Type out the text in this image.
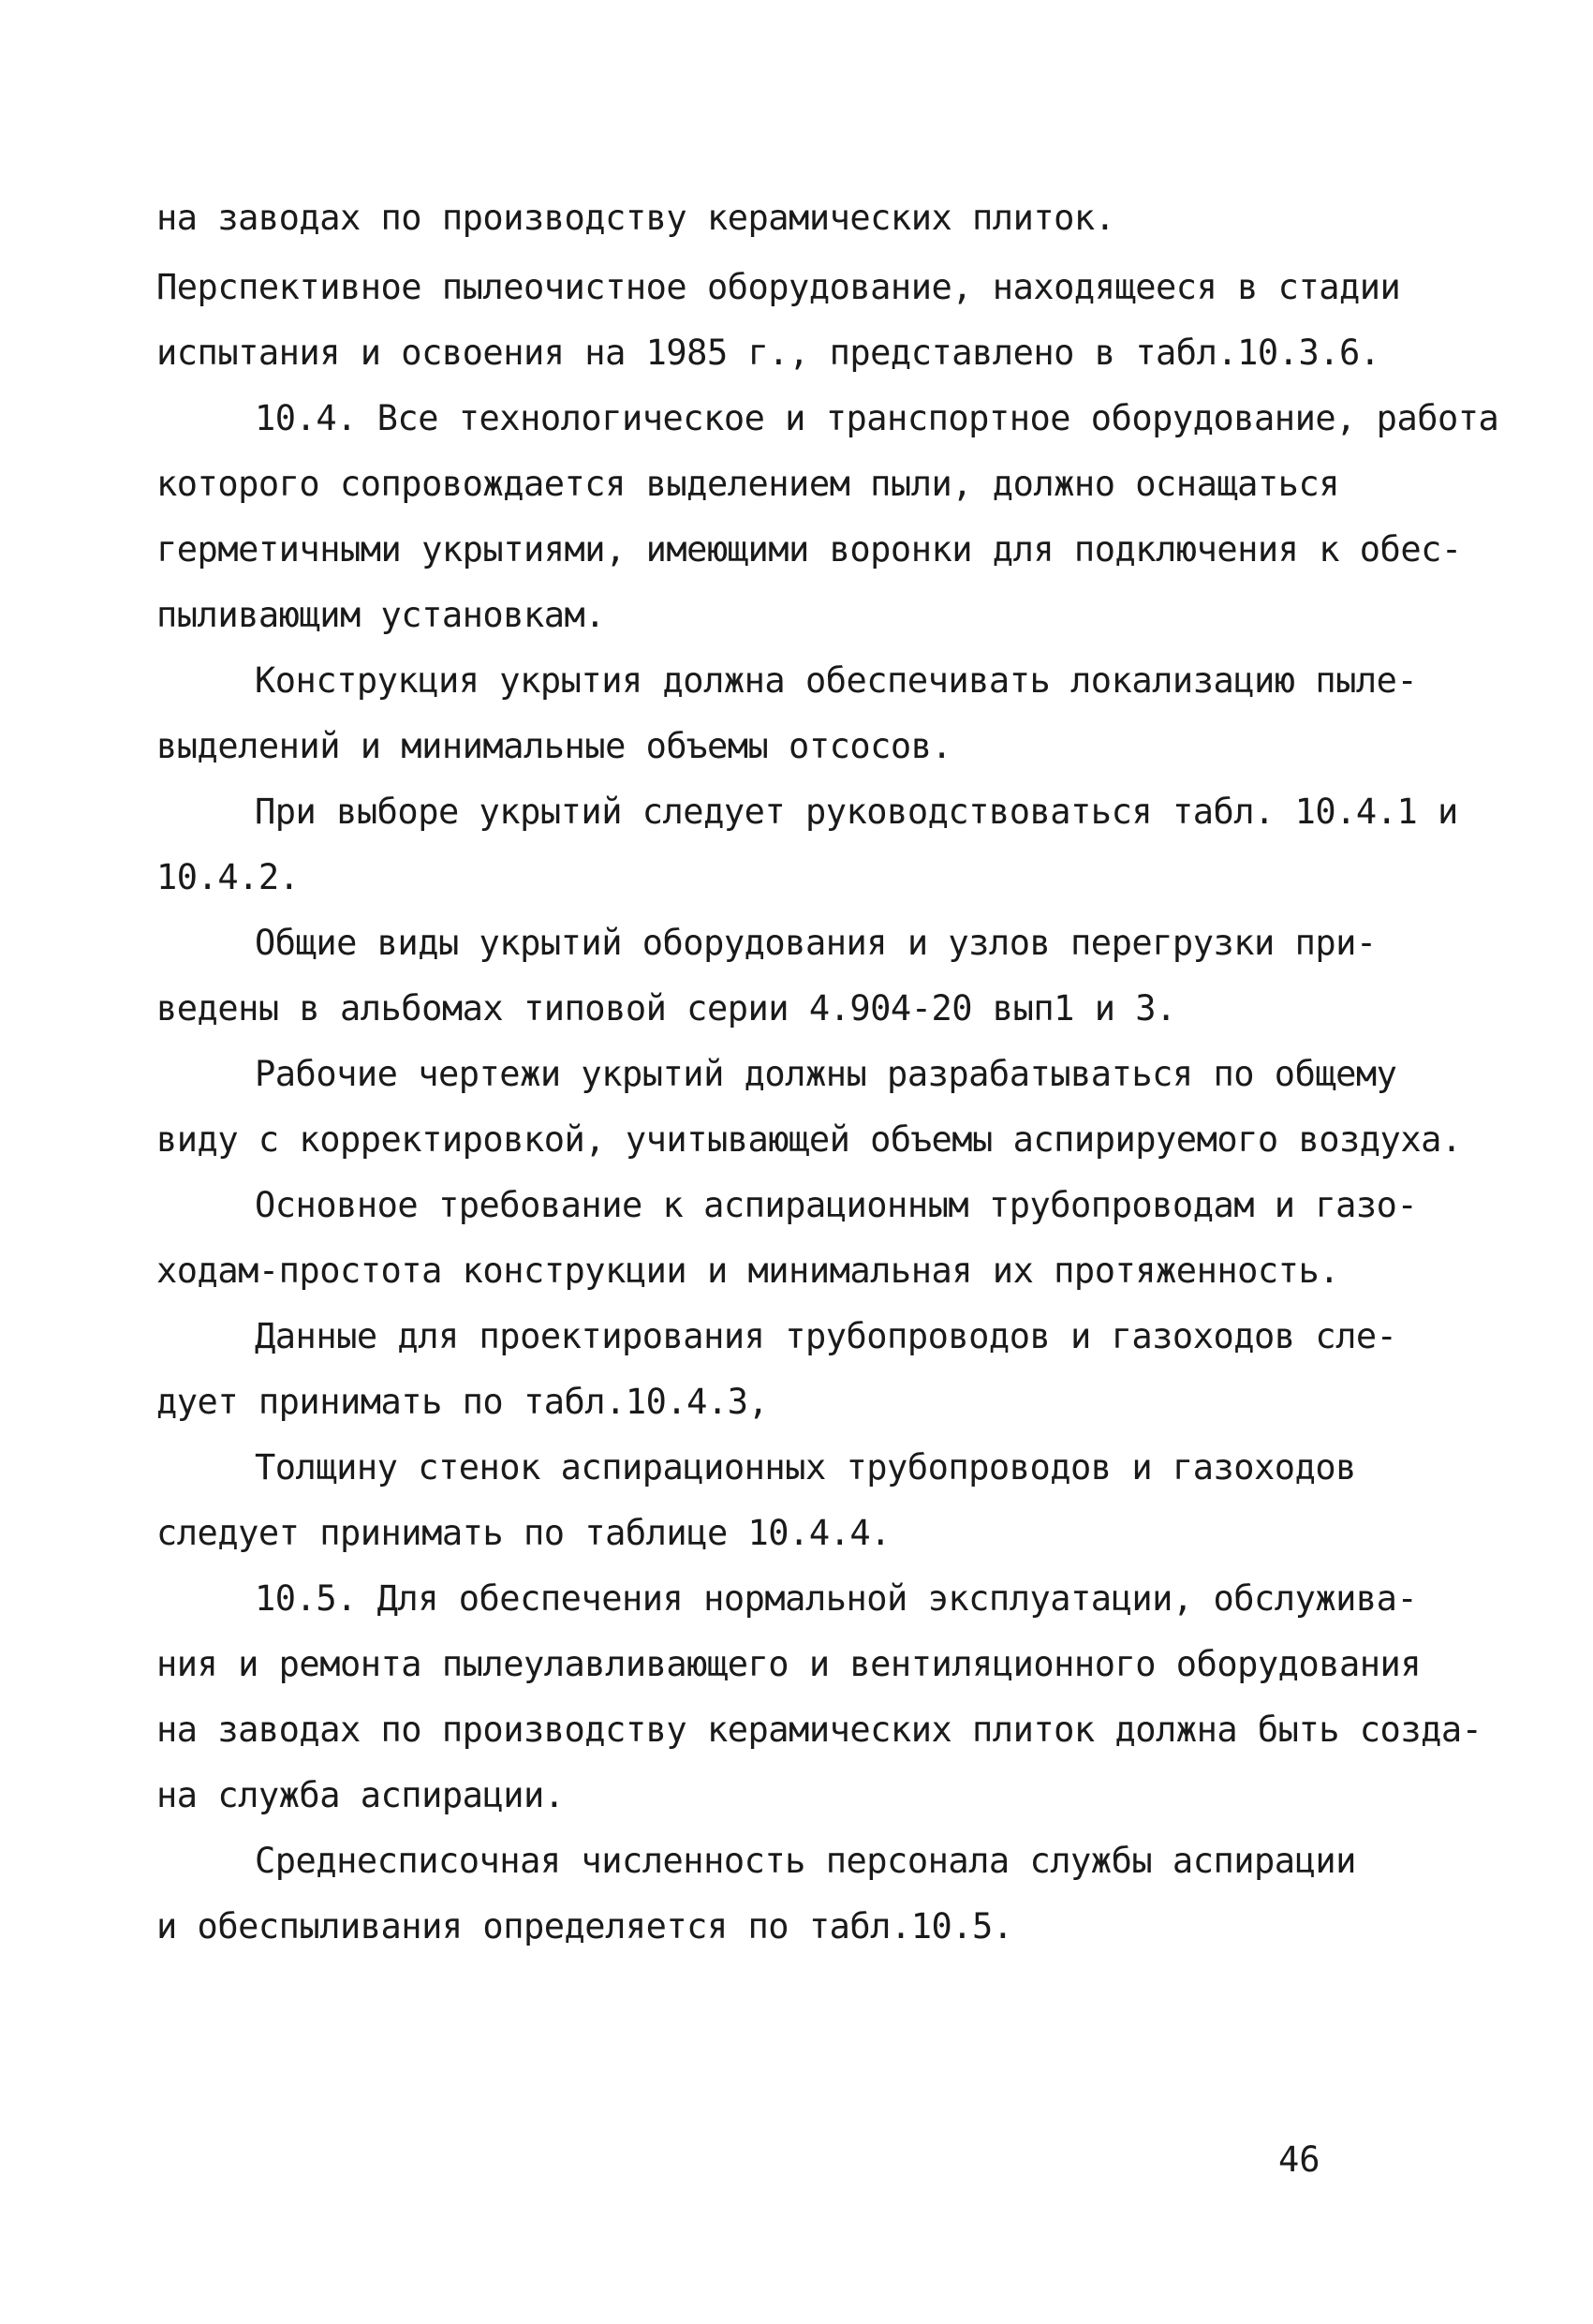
на заводах по производству керамических плиток.
Перспективное пылеочистное оборудование, находящееся в стадии
испытания и освоения на 1985 г., представлено в табл.10.3.6.
10.4. Все технологическое и транспортное оборудование, работа
которого сопровождается выделением пыли, должно оснащаться
герметичными укрытиями, имеющими воронки для подключения к обес-
пыливающим установкам.
Конструкция укрытия должна обеспечивать локализацию пыле-
выделений и минимальные объемы отсосов.
При выборе укрытий следует руководствоваться табл. 10.4.1 и
10.4.2.
Общие виды укрытий оборудования и узлов перегрузки при-
ведены в альбомах типовой серии 4.904-20 вып1 и 3.
Рабочие чертежи укрытий должны разрабатываться по общему
виду с корректировкой, учитывающей объемы аспирируемого воздуха.
Основное требование к аспирационным трубопроводам и газо-
ходам-простота конструкции и минимальная их протяженность.
Данные для проектирования трубопроводов и газоходов сле-
дует принимать по табл.10.4.3,
Толщину стенок аспирационных трубопроводов и газоходов
следует принимать по таблице 10.4.4.
10.5. Для обеспечения нормальной эксплуатации, обслужива-
ния и ремонта пылеулавливающего и вентиляционного оборудования
на заводах по производству керамических плиток должна быть созда-
на служба аспирации.
Среднесписочная численность персонала службы аспирации
и обеспыливания определяется по табл.10.5.
46
